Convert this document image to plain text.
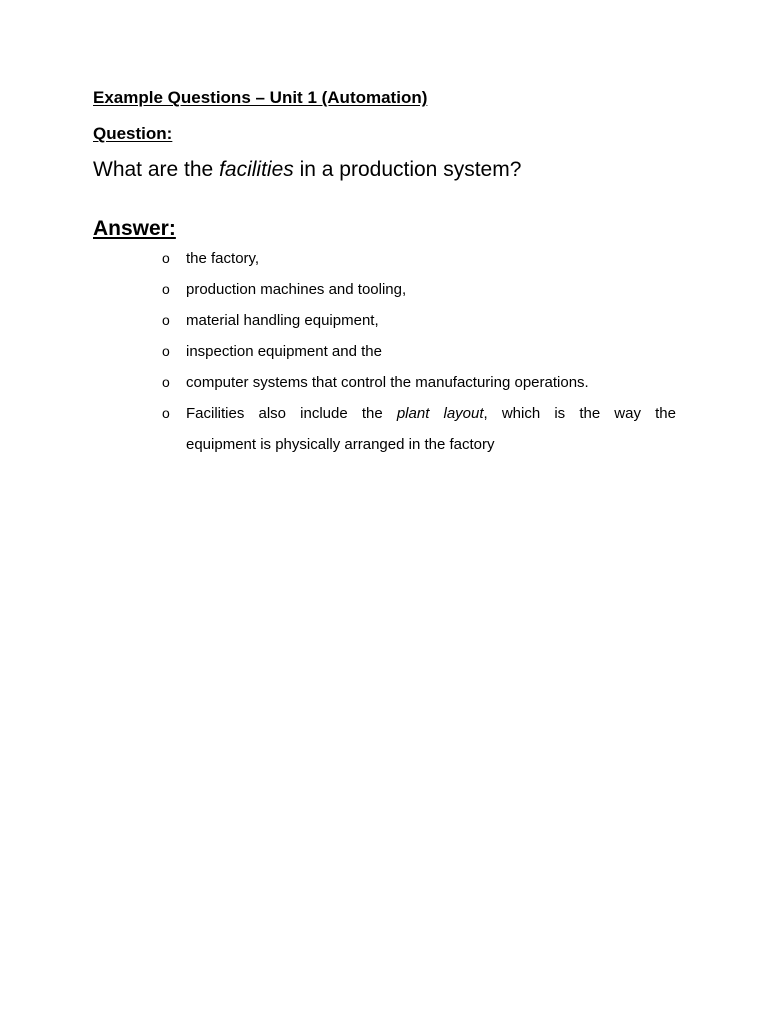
Example Questions – Unit 1 (Automation)
Question:
What are the facilities in a production system?
Answer:
o
the factory,
o
production machines and tooling,
o
material handling equipment,
o
inspection equipment and the
o
computer systems that control the manufacturing operations.
o
Facilities also include the plant layout, which is the way the
equipment is physically arranged in the factory
